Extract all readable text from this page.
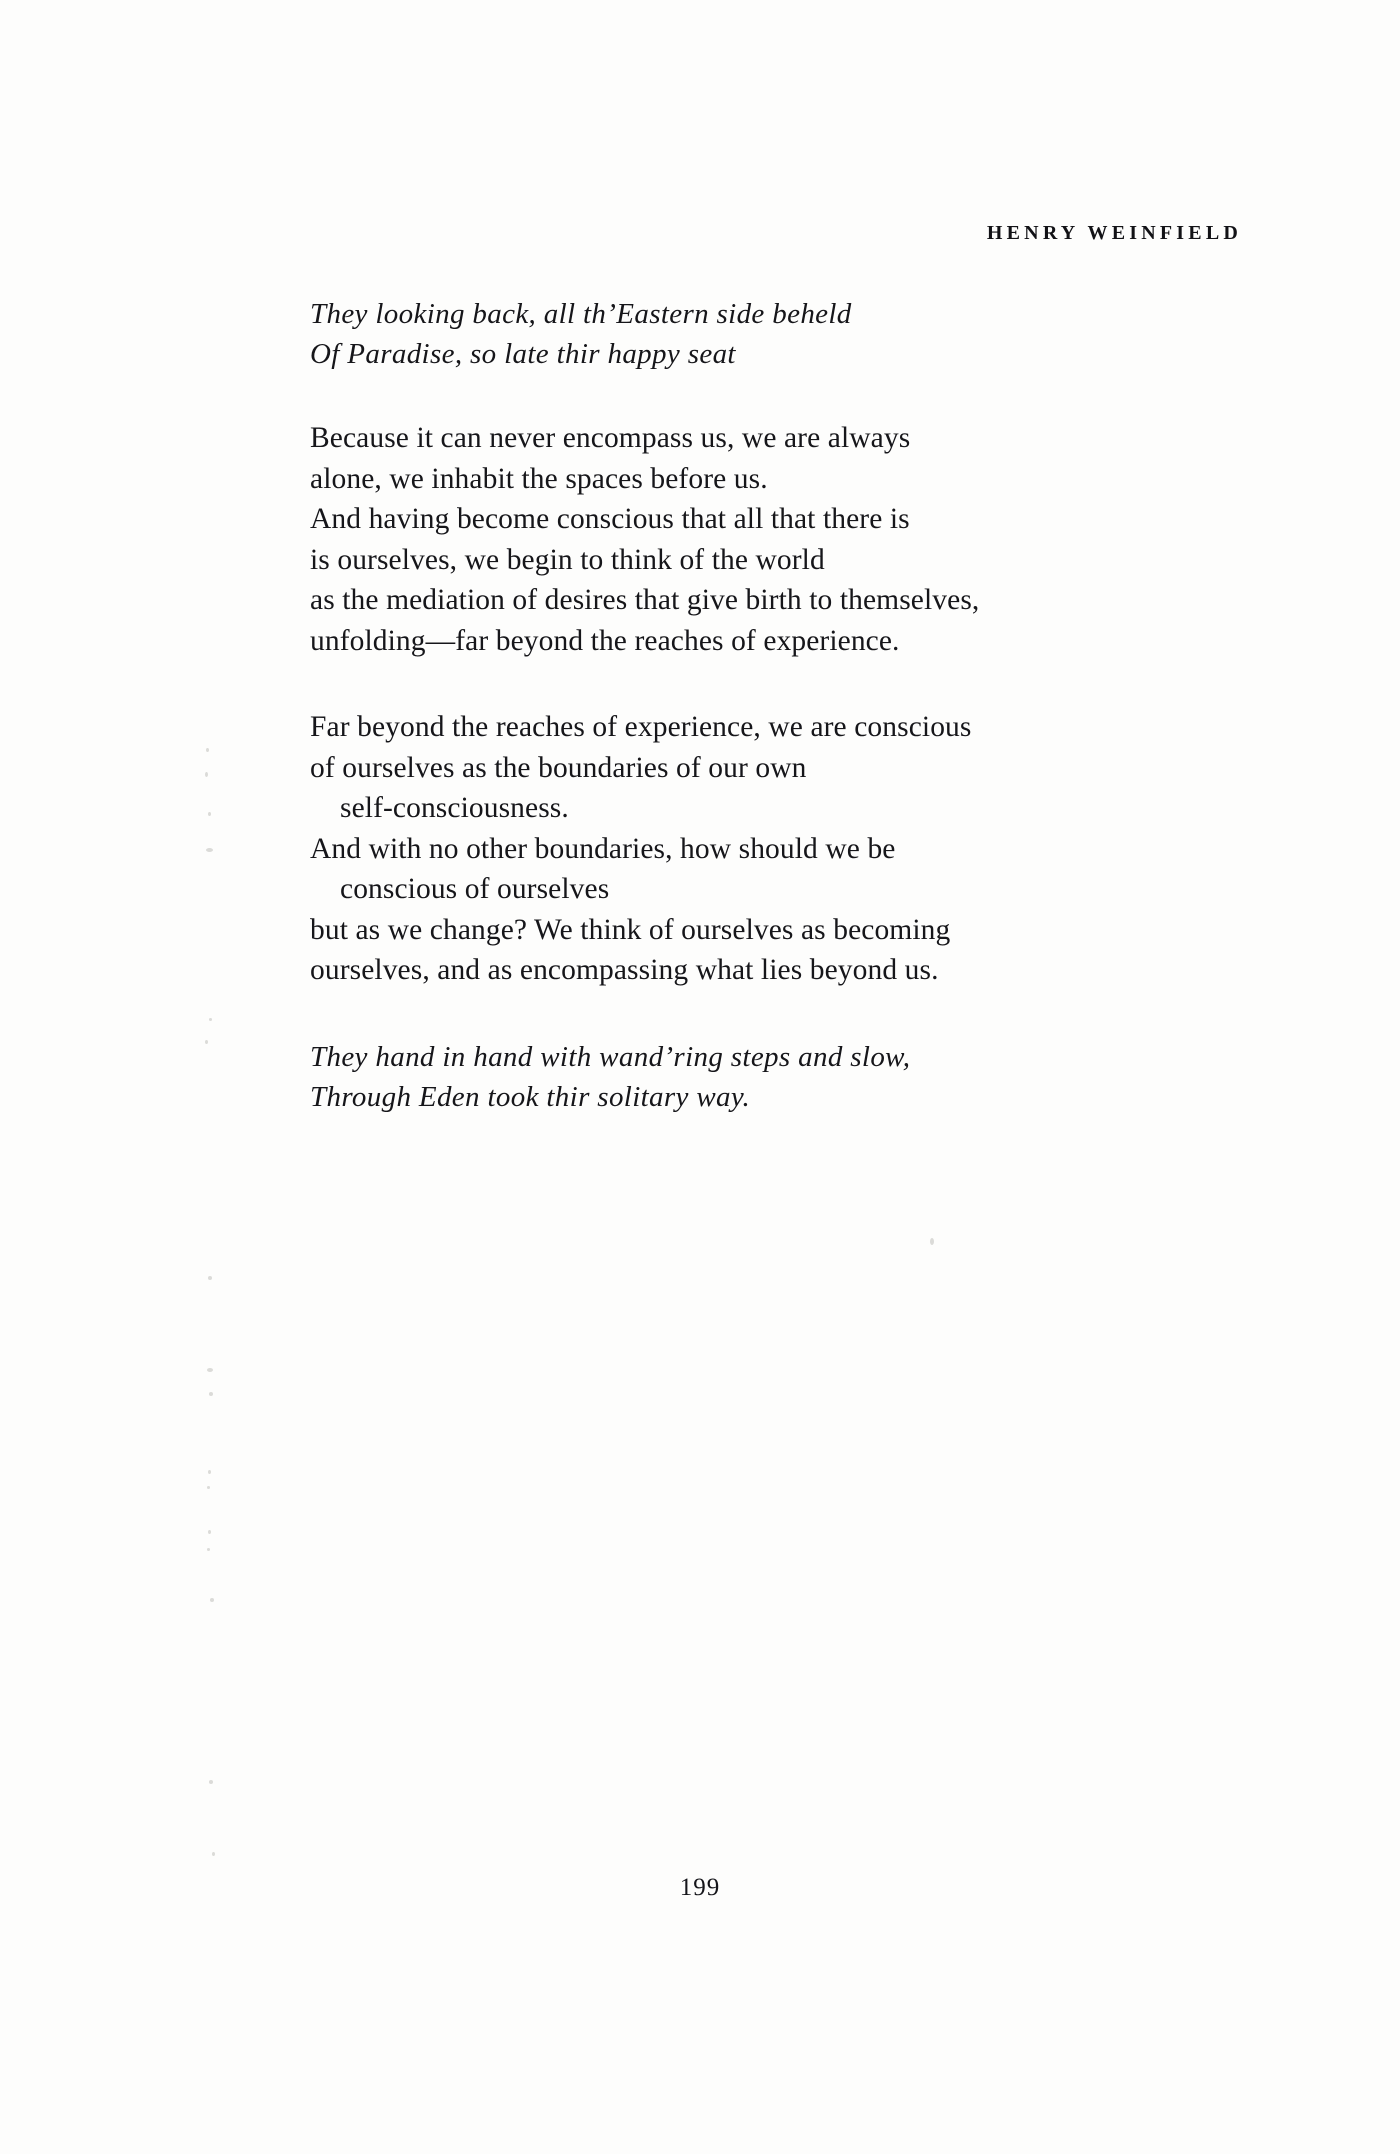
HENRY WEINFIELD
They looking back, all th’Eastern side beheld
Of Paradise, so late thir happy seat
Because it can never encompass us, we are always
alone, we inhabit the spaces before us.
And having become conscious that all that there is
is ourselves, we begin to think of the world
as the mediation of desires that give birth to themselves,
unfolding—far beyond the reaches of experience.
Far beyond the reaches of experience, we are conscious
of ourselves as the boundaries of our own
self-consciousness.
And with no other boundaries, how should we be
conscious of ourselves
but as we change? We think of ourselves as becoming
ourselves, and as encompassing what lies beyond us.
They hand in hand with wand’ring steps and slow,
Through Eden took thir solitary way.
199
